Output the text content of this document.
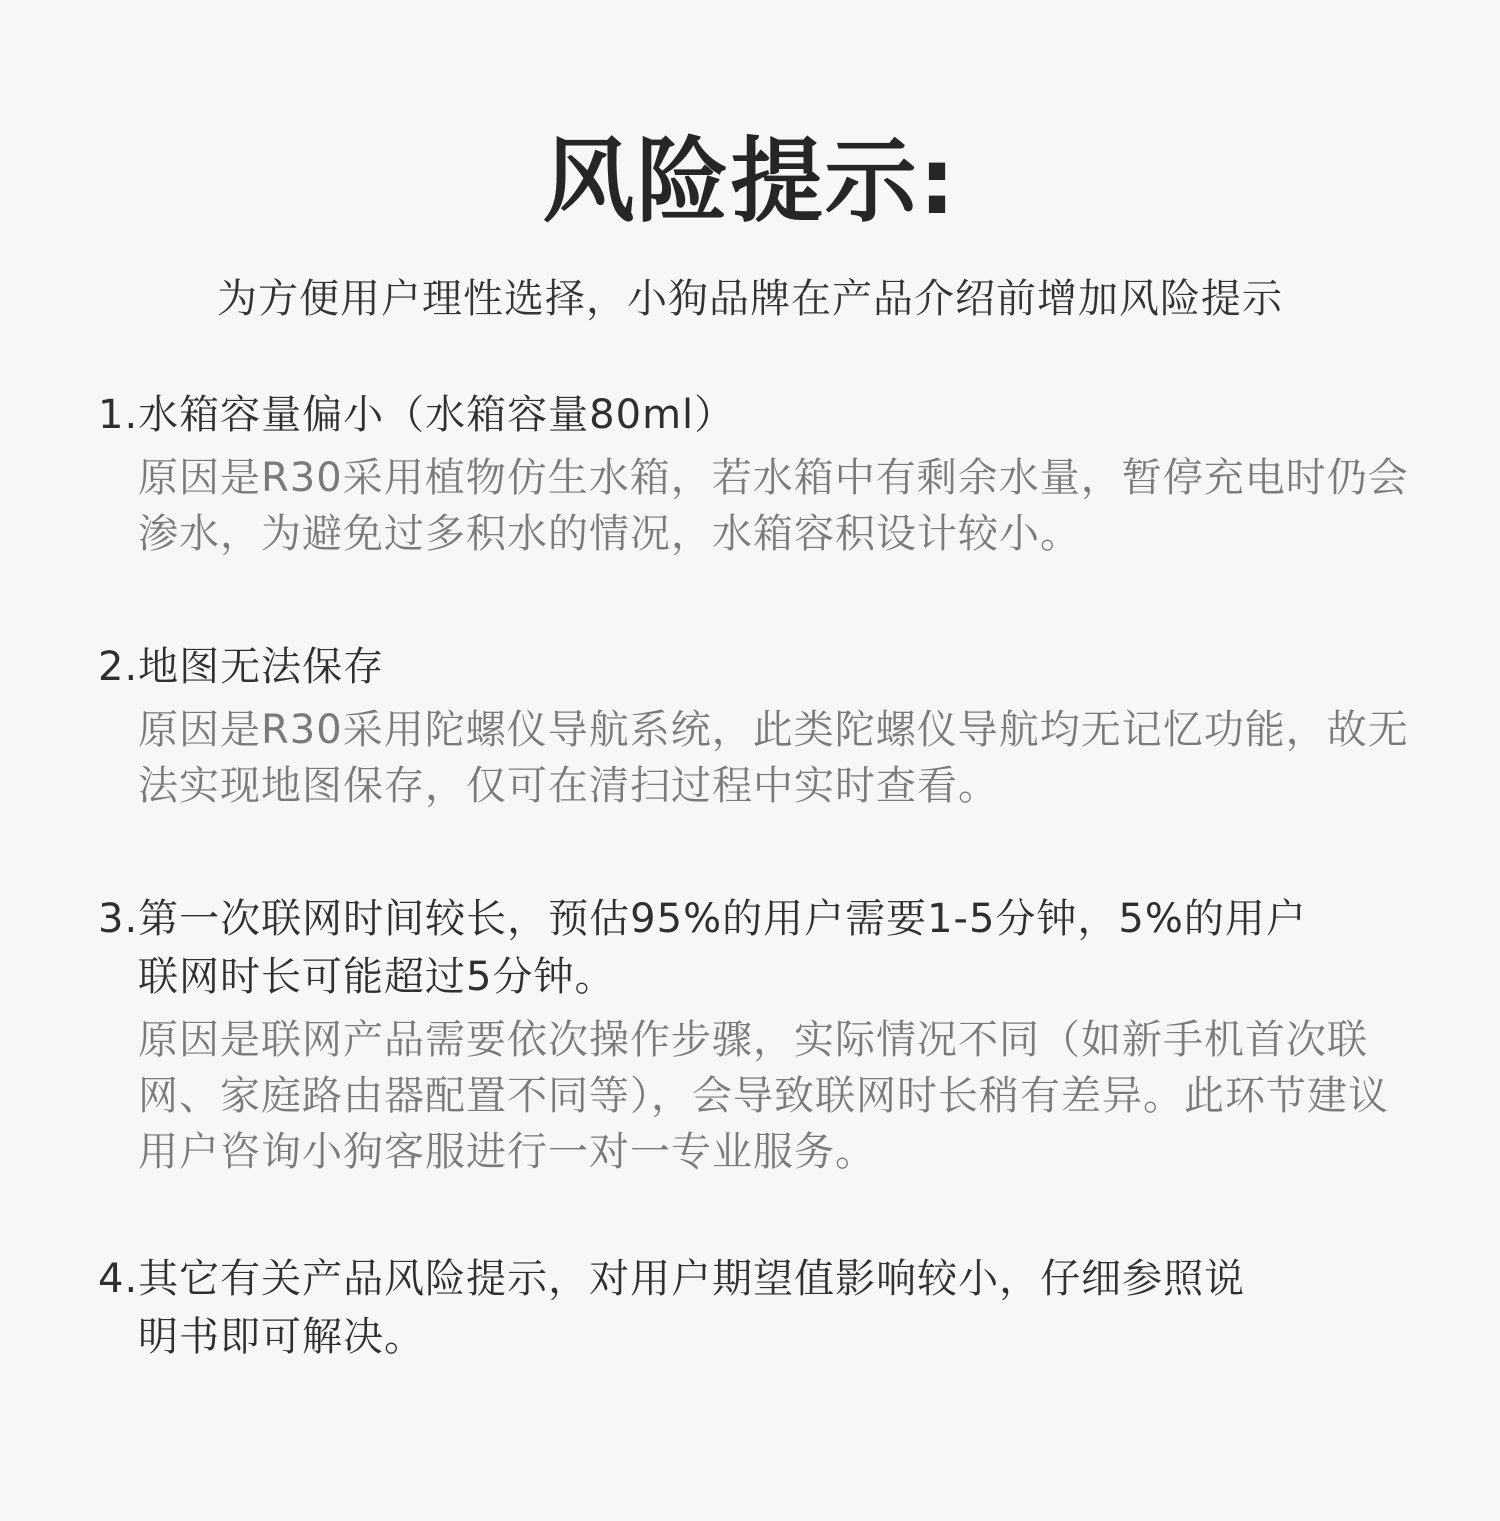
风险提示:

为方便用户理性选择，小狗品牌在产品介绍前增加风险提示

1.水箱容量偏小（水箱容量80ml）

原因是R30采用植物仿生水箱，若水箱中有剩余水量，暂停充电时仍会渗水，为避免过多积水的情况，水箱容积设计较小。

2.地图无法保存

原因是R30采用陀螺仪导航系统，此类陀螺仪导航均无记忆功能，故无法实现地图保存，仅可在清扫过程中实时查看。

3.第一次联网时间较长，预估95%的用户需要1-5分钟，5%的用户
联网时长可能超过5分钟。

原因是联网产品需要依次操作步骤，实际情况不同（如新手机首次联网、家庭路由器配置不同等），会导致联网时长稍有差异。此环节建议用户咨询小狗客服进行一对一专业服务。

4.其它有关产品风险提示，对用户期望值影响较小，仔细参照说
明书即可解决。
